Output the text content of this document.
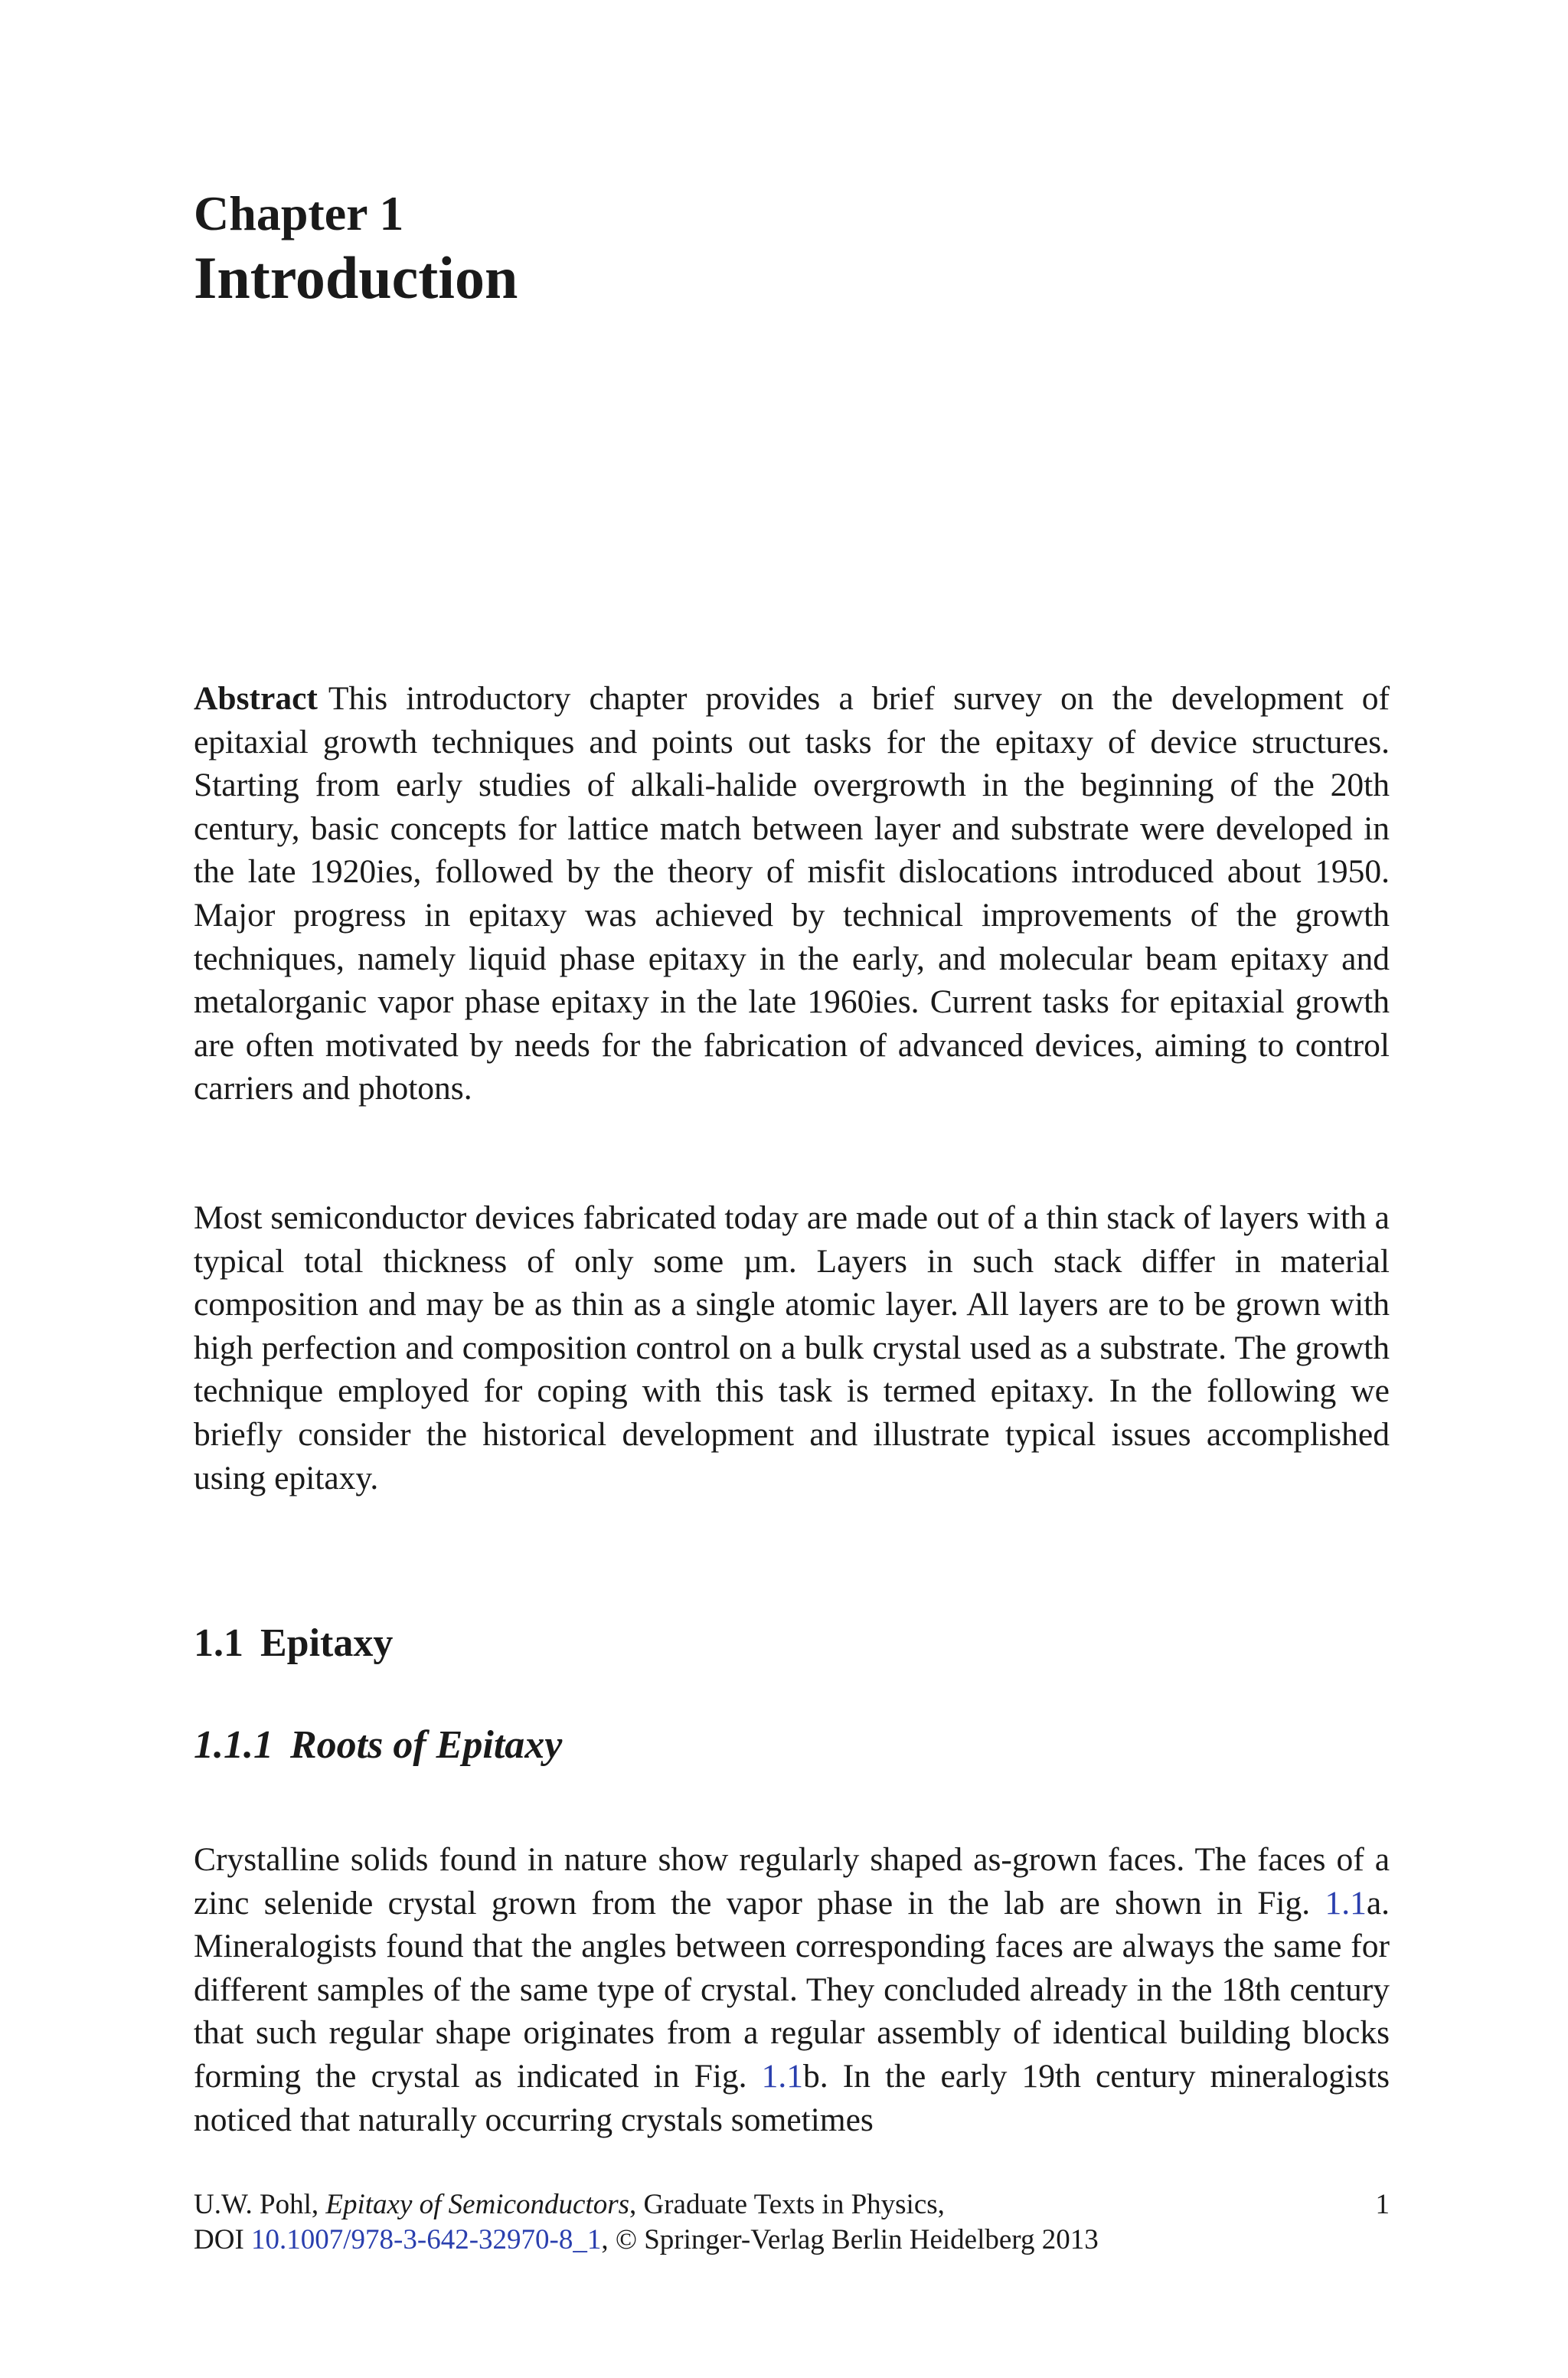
Chapter 1
Introduction

Abstract This introductory chapter provides a brief survey on the development of epitaxial growth techniques and points out tasks for the epitaxy of device structures. Starting from early studies of alkali-halide overgrowth in the beginning of the 20th century, basic concepts for lattice match between layer and substrate were developed in the late 1920ies, followed by the theory of misfit dislocations introduced about 1950. Major progress in epitaxy was achieved by technical improvements of the growth techniques, namely liquid phase epitaxy in the early, and molecular beam epitaxy and metalorganic vapor phase epitaxy in the late 1960ies. Current tasks for epitaxial growth are often motivated by needs for the fabrication of advanced devices, aiming to control carriers and photons.

Most semiconductor devices fabricated today are made out of a thin stack of layers with a typical total thickness of only some µm. Layers in such stack differ in material composition and may be as thin as a single atomic layer. All layers are to be grown with high perfection and composition control on a bulk crystal used as a substrate. The growth technique employed for coping with this task is termed epitaxy. In the following we briefly consider the historical development and illustrate typical issues accomplished using epitaxy.

1.1 Epitaxy
1.1.1 Roots of Epitaxy

Crystalline solids found in nature show regularly shaped as-grown faces. The faces of a zinc selenide crystal grown from the vapor phase in the lab are shown in Fig. 1.1a. Mineralogists found that the angles between corresponding faces are always the same for different samples of the same type of crystal. They concluded already in the 18th century that such regular shape originates from a regular assembly of identical building blocks forming the crystal as indicated in Fig. 1.1b. In the early 19th century mineralogists noticed that naturally occurring crystals sometimes

U.W. Pohl, Epitaxy of Semiconductors, Graduate Texts in Physics,
DOI 10.1007/978-3-642-32970-8_1, © Springer-Verlag Berlin Heidelberg 2013
1
